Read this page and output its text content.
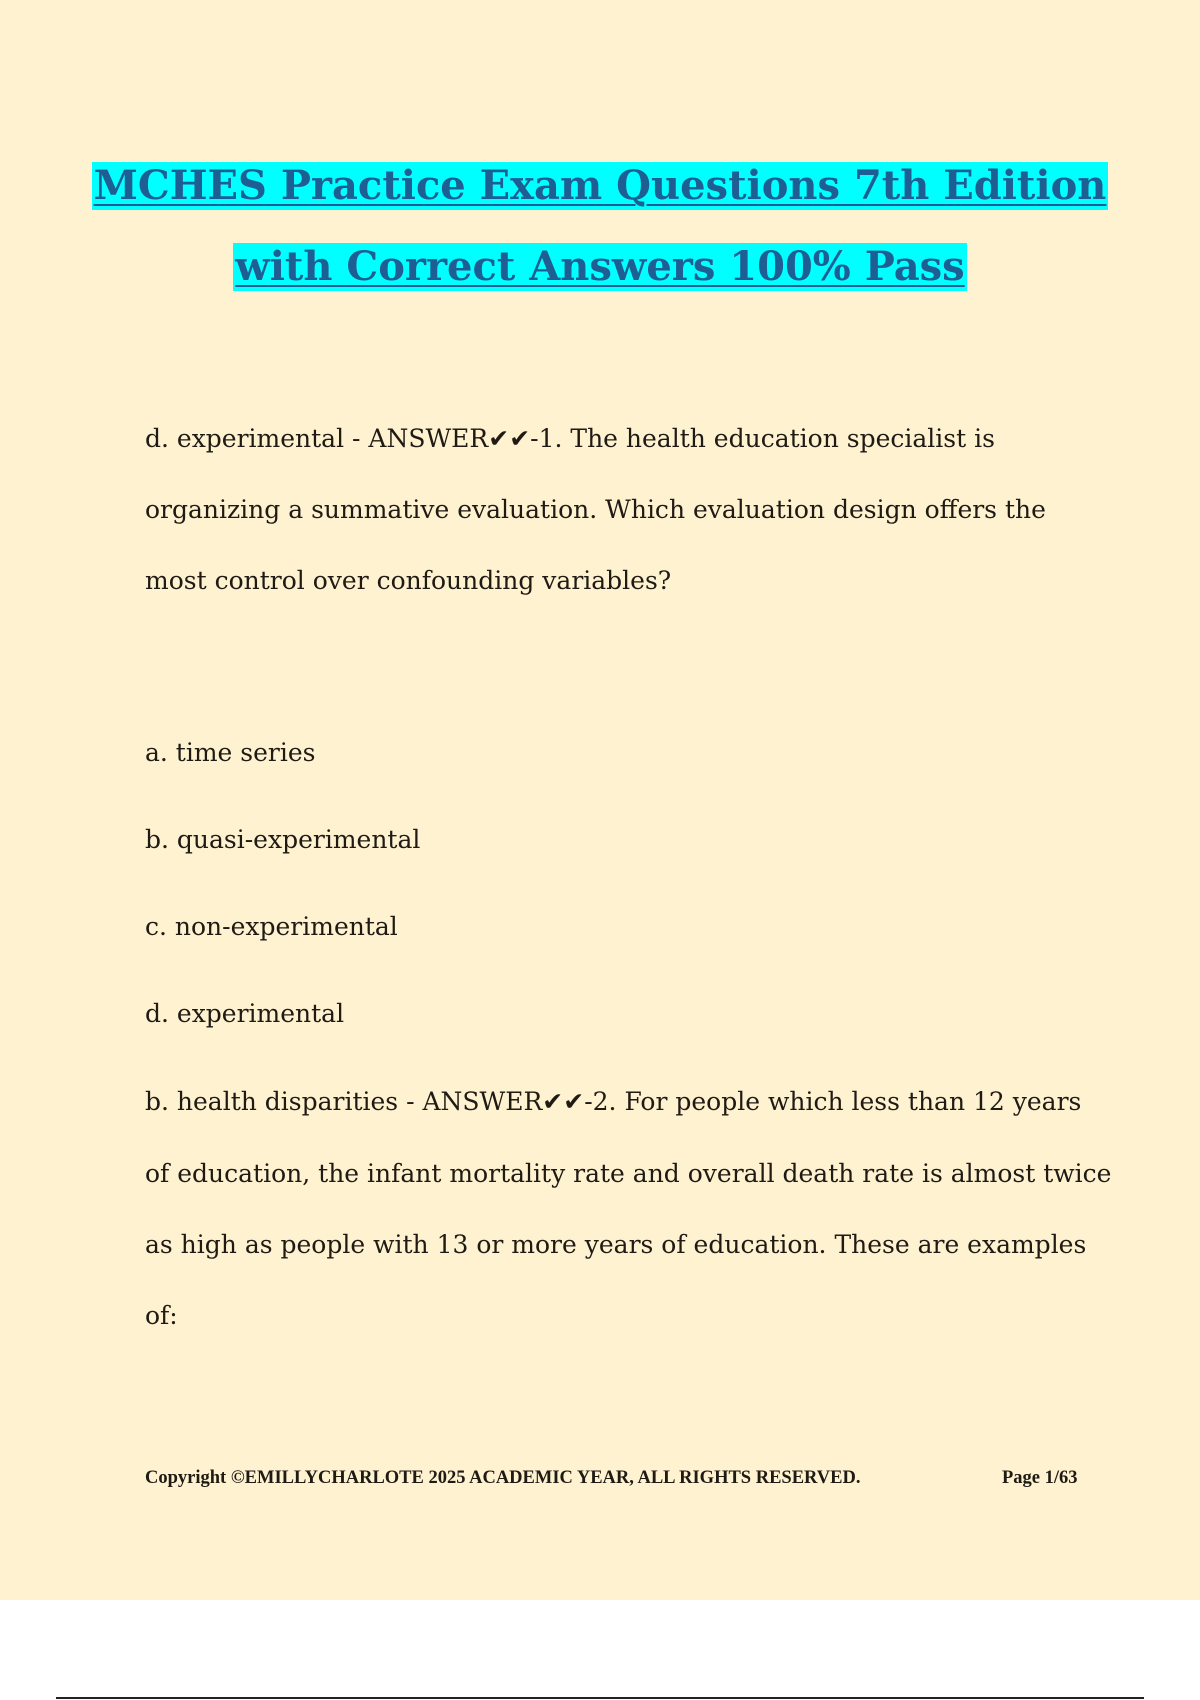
MCHES Practice Exam Questions 7th Edition
with Correct Answers 100% Pass
d. experimental - ANSWER✔✔-1. The health education specialist is
organizing a summative evaluation. Which evaluation design offers the
most control over confounding variables?
a. time series
b. quasi-experimental
c. non-experimental
d. experimental
b. health disparities - ANSWER✔✔-2. For people which less than 12 years
of education, the infant mortality rate and overall death rate is almost twice
as high as people with 13 or more years of education. These are examples
of:
Copyright ©EMILLYCHARLOTE 2025 ACADEMIC YEAR, ALL RIGHTS RESERVED.	Page 1/63
